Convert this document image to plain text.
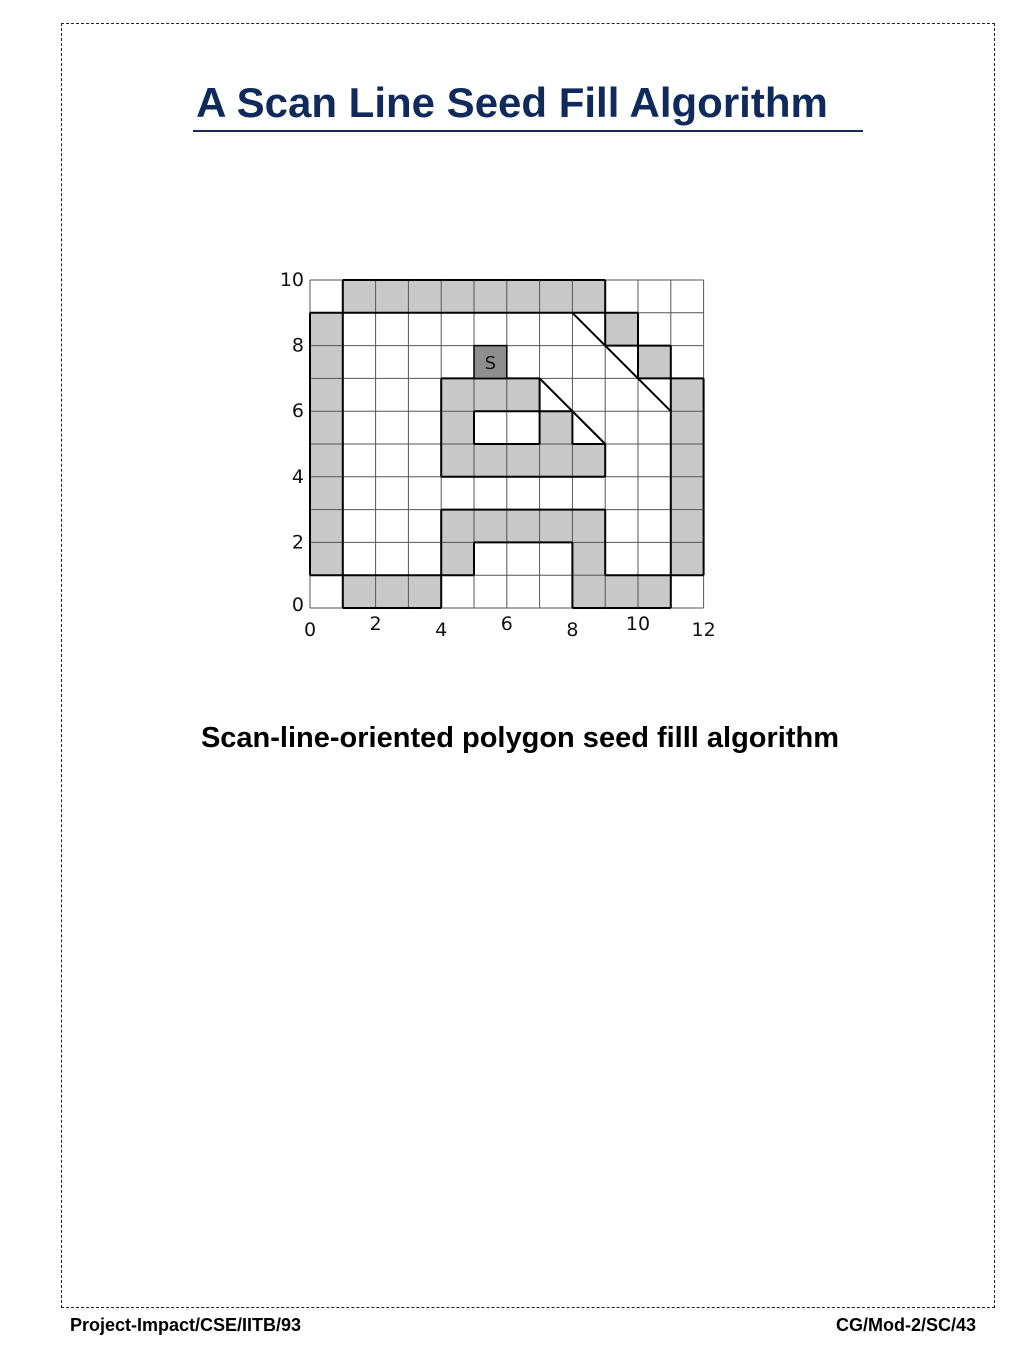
A Scan Line Seed Fill Algorithm
S
0	2	4	6	8 10 12
0
2
4
6
8
10
Scan-line-oriented polygon seed filll algorithm
Project-Impact/CSE/IITB/93	CG/Mod-2/SC/43
